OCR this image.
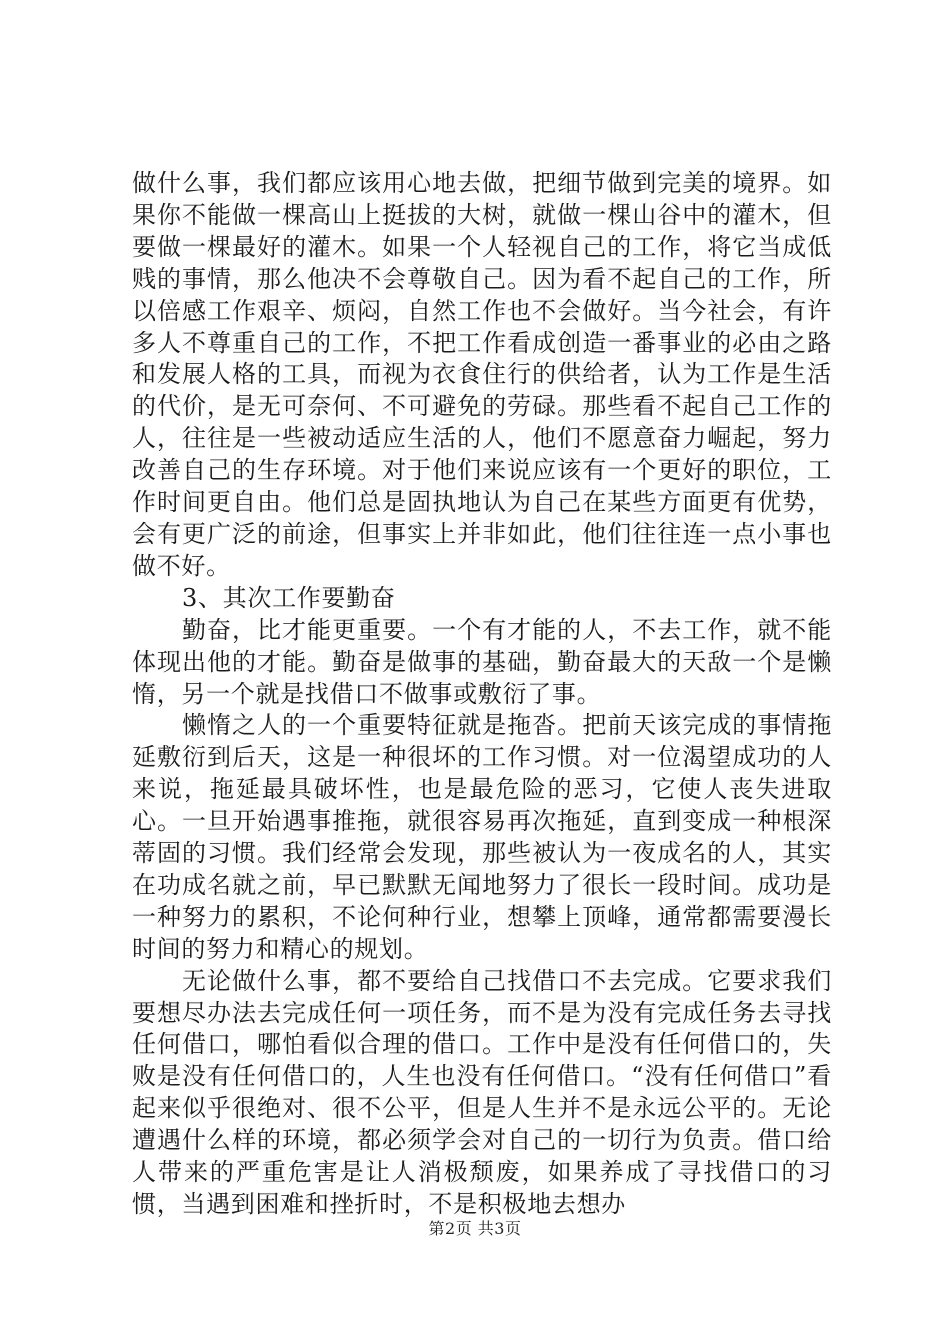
做什么事，我们都应该用心地去做，把细节做到完美的境界。如果你不能做一棵高山上挺拔的大树，就做一棵山谷中的灌木，但要做一棵最好的灌木。如果一个人轻视自己的工作，将它当成低贱的事情，那么他决不会尊敬自己。因为看不起自己的工作，所以倍感工作艰辛、烦闷，自然工作也不会做好。当今社会，有许多人不尊重自己的工作，不把工作看成创造一番事业的必由之路和发展人格的工具，而视为衣食住行的供给者，认为工作是生活的代价，是无可奈何、不可避免的劳碌。那些看不起自己工作的人，往往是一些被动适应生活的人，他们不愿意奋力崛起，努力改善自己的生存环境。对于他们来说应该有一个更好的职位，工作时间更自由。他们总是固执地认为自己在某些方面更有优势，会有更广泛的前途，但事实上并非如此，他们往往连一点小事也做不好。

3、其次工作要勤奋

勤奋，比才能更重要。一个有才能的人，不去工作，就不能体现出他的才能。勤奋是做事的基础，勤奋最大的天敌一个是懒惰，另一个就是找借口不做事或敷衍了事。

懒惰之人的一个重要特征就是拖沓。把前天该完成的事情拖延敷衍到后天，这是一种很坏的工作习惯。对一位渴望成功的人来说，拖延最具破坏性，也是最危险的恶习，它使人丧失进取心。一旦开始遇事推拖，就很容易再次拖延，直到变成一种根深蒂固的习惯。我们经常会发现，那些被认为一夜成名的人，其实在功成名就之前，早已默默无闻地努力了很长一段时间。成功是一种努力的累积，不论何种行业，想攀上顶峰，通常都需要漫长时间的努力和精心的规划。

无论做什么事，都不要给自己找借口不去完成。它要求我们要想尽办法去完成任何一项任务，而不是为没有完成任务去寻找任何借口，哪怕看似合理的借口。工作中是没有任何借口的，失败是没有任何借口的，人生也没有任何借口。“没有任何借口”看起来似乎很绝对、很不公平，但是人生并不是永远公平的。无论遭遇什么样的环境，都必须学会对自己的一切行为负责。借口给人带来的严重危害是让人消极颓废，如果养成了寻找借口的习惯，当遇到困难和挫折时，不是积极地去想办

第2页 共3页
